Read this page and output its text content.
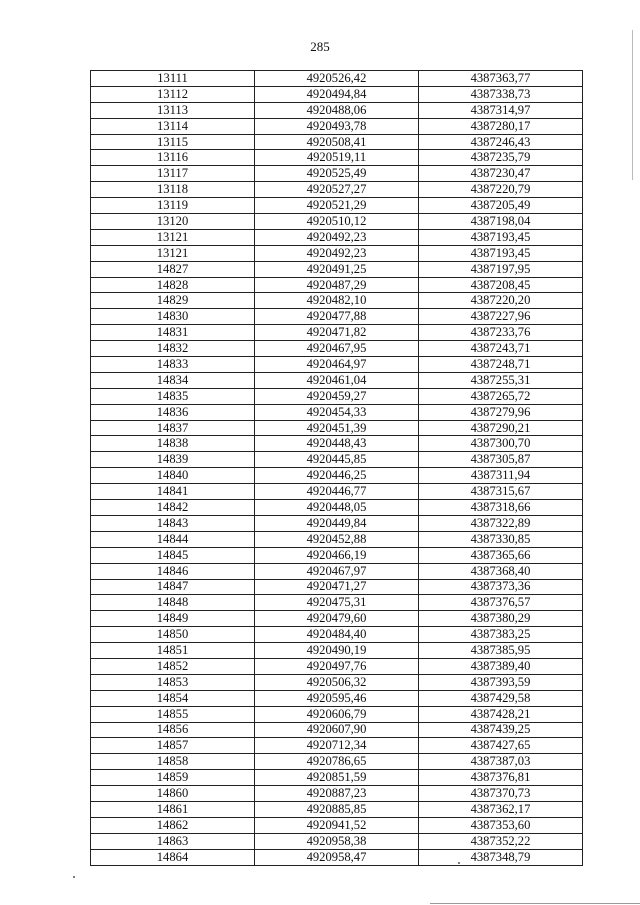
285
13111	4920526,42	4387363,77
13112	4920494,84	4387338,73
13113	4920488,06	4387314,97
13114	4920493,78	4387280,17
13115	4920508,41	4387246,43
13116	4920519,11	4387235,79
13117	4920525,49	4387230,47
13118	4920527,27	4387220,79
13119	4920521,29	4387205,49
13120	4920510,12	4387198,04
13121	4920492,23	4387193,45
13121	4920492,23	4387193,45
14827	4920491,25	4387197,95
14828	4920487,29	4387208,45
14829	4920482,10	4387220,20
14830	4920477,88	4387227,96
14831	4920471,82	4387233,76
14832	4920467,95	4387243,71
14833	4920464,97	4387248,71
14834	4920461,04	4387255,31
14835	4920459,27	4387265,72
14836	4920454,33	4387279,96
14837	4920451,39	4387290,21
14838	4920448,43	4387300,70
14839	4920445,85	4387305,87
14840	4920446,25	4387311,94
14841	4920446,77	4387315,67
14842	4920448,05	4387318,66
14843	4920449,84	4387322,89
14844	4920452,88	4387330,85
14845	4920466,19	4387365,66
14846	4920467,97	4387368,40
14847	4920471,27	4387373,36
14848	4920475,31	4387376,57
14849	4920479,60	4387380,29
14850	4920484,40	4387383,25
14851	4920490,19	4387385,95
14852	4920497,76	4387389,40
14853	4920506,32	4387393,59
14854	4920595,46	4387429,58
14855	4920606,79	4387428,21
14856	4920607,90	4387439,25
14857	4920712,34	4387427,65
14858	4920786,65	4387387,03
14859	4920851,59	4387376,81
14860	4920887,23	4387370,73
14861	4920885,85	4387362,17
14862	4920941,52	4387353,60
14863	4920958,38	4387352,22
14864	4920958,47	4387348,79
